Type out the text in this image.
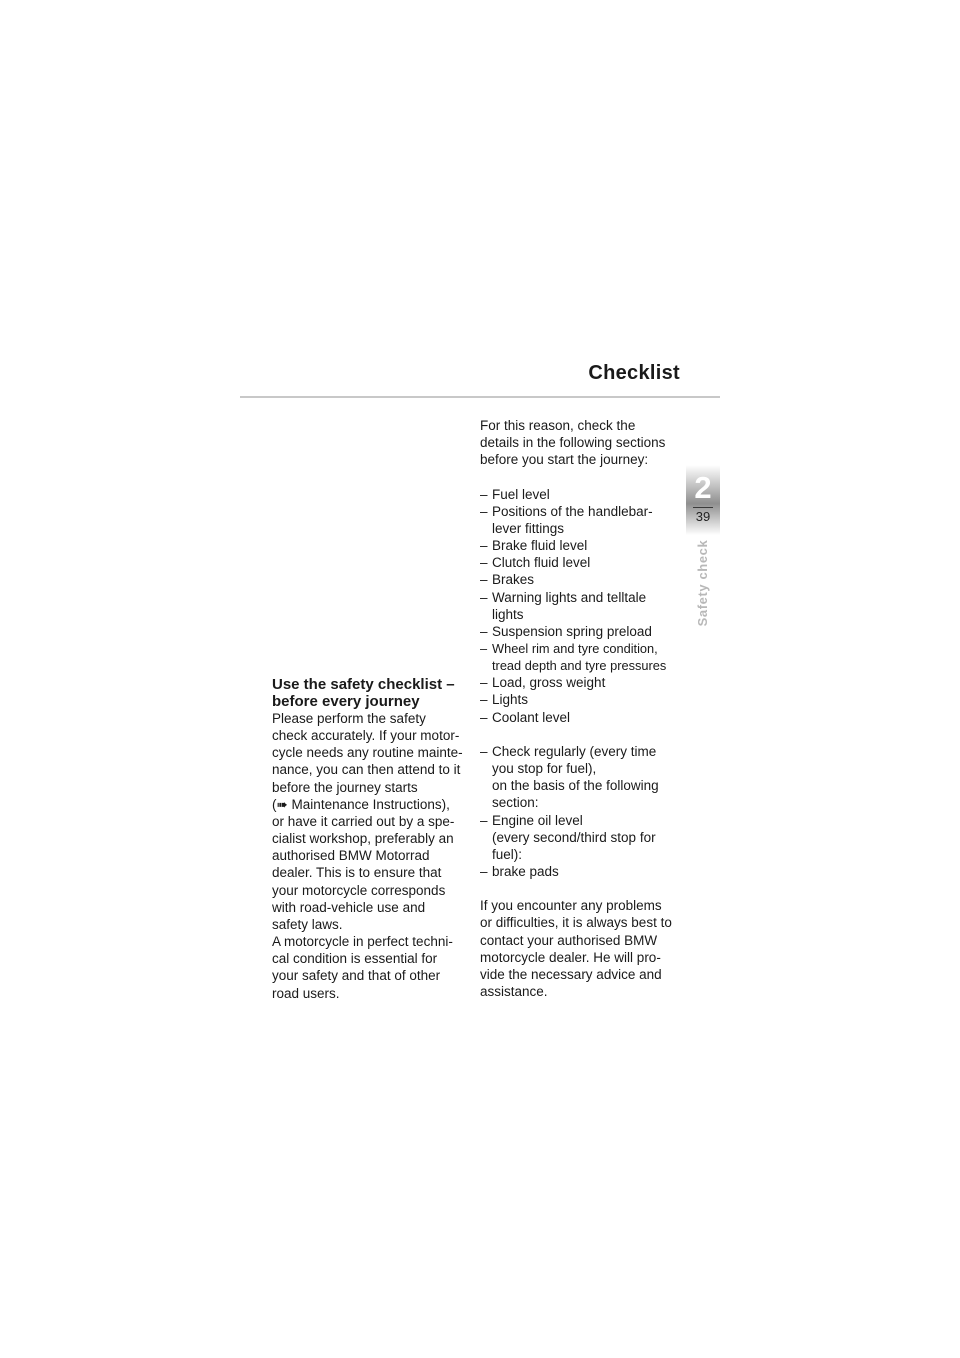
Checklist
2
39
Safety check
Use the safety checklist –
before every journey
Please perform the safety
check accurately. If your motor-
cycle needs any routine mainte-
nance, you can then attend to it
before the journey starts
(➠ Maintenance Instructions),
or have it carried out by a spe-
cialist workshop, preferably an
authorised BMW Motorrad
dealer. This is to ensure that
your motorcycle corresponds
with road-vehicle use and
safety laws.
A motorcycle in perfect techni-
cal condition is essential for
your safety and that of other
road users.
For this reason, check the
details in the following sections
before you start the journey:
– Fuel level
– Positions of the handlebar-
lever fittings
– Brake fluid level
– Clutch fluid level
– Brakes
– Warning lights and telltale
lights
– Suspension spring preload
– Wheel rim and tyre condition,
tread depth and tyre pressures
– Load, gross weight
– Lights
– Coolant level
– Check regularly (every time
you stop for fuel),
on the basis of the following
section:
– Engine oil level
(every second/third stop for
fuel):
– brake pads
If you encounter any problems
or difficulties, it is always best to
contact your authorised BMW
motorcycle dealer. He will pro-
vide the necessary advice and
assistance.
